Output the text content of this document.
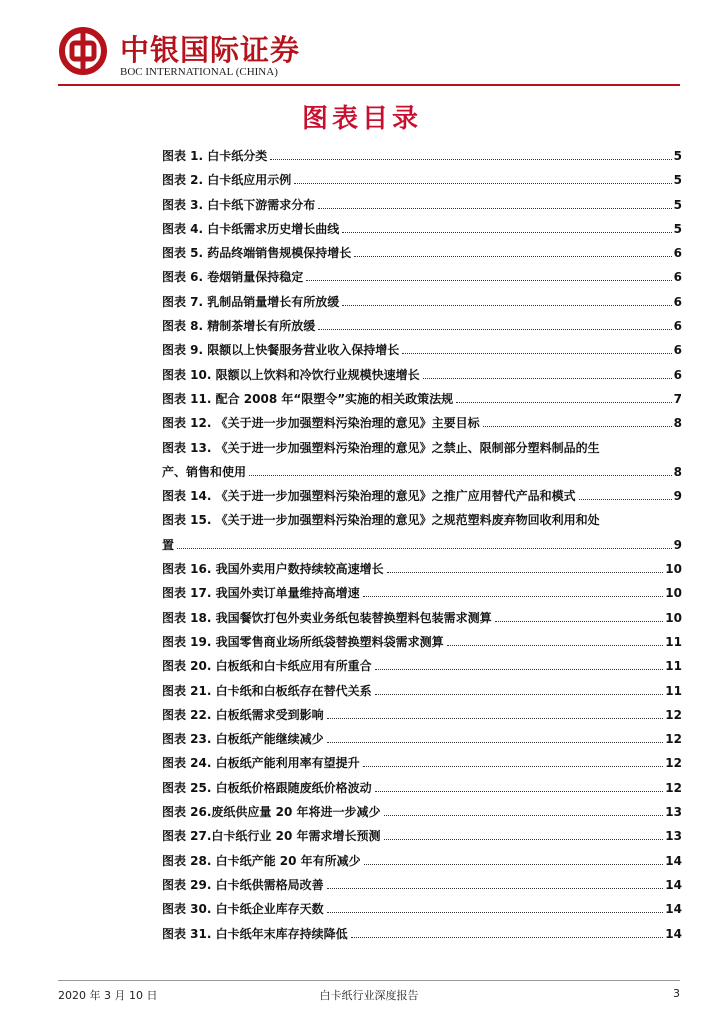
中银国际证券
BOC INTERNATIONAL (CHINA)
图表目录
图表 1. 白卡纸分类	5
图表 2. 白卡纸应用示例	5
图表 3. 白卡纸下游需求分布	5
图表 4. 白卡纸需求历史增长曲线	5
图表 5. 药品终端销售规模保持增长	6
图表 6. 卷烟销量保持稳定	6
图表 7. 乳制品销量增长有所放缓	6
图表 8. 精制茶增长有所放缓	6
图表 9. 限额以上快餐服务营业收入保持增长	6
图表 10. 限额以上饮料和冷饮行业规模快速增长	6
图表 11. 配合 2008 年“限塑令”实施的相关政策法规	7
图表 12. 《关于进一步加强塑料污染治理的意见》主要目标	8
图表 13. 《关于进一步加强塑料污染治理的意见》之禁止、限制部分塑料制品的生
产、销售和使用	8
图表 14. 《关于进一步加强塑料污染治理的意见》之推广应用替代产品和模式	9
图表 15. 《关于进一步加强塑料污染治理的意见》之规范塑料废弃物回收利用和处
置	9
图表 16. 我国外卖用户数持续较高速增长	10
图表 17. 我国外卖订单量维持高增速	10
图表 18. 我国餐饮打包外卖业务纸包装替换塑料包装需求测算	10
图表 19. 我国零售商业场所纸袋替换塑料袋需求测算	11
图表 20. 白板纸和白卡纸应用有所重合	11
图表 21. 白卡纸和白板纸存在替代关系	11
图表 22. 白板纸需求受到影响	12
图表 23. 白板纸产能继续减少	12
图表 24. 白板纸产能利用率有望提升	12
图表 25. 白板纸价格跟随废纸价格波动	12
图表 26.废纸供应量 20 年将进一步减少	13
图表 27.白卡纸行业 20 年需求增长预测	13
图表 28. 白卡纸产能 20 年有所减少	14
图表 29. 白卡纸供需格局改善	14
图表 30. 白卡纸企业库存天数	14
图表 31. 白卡纸年末库存持续降低	14
2020 年 3 月 10 日	白卡纸行业深度报告	3
